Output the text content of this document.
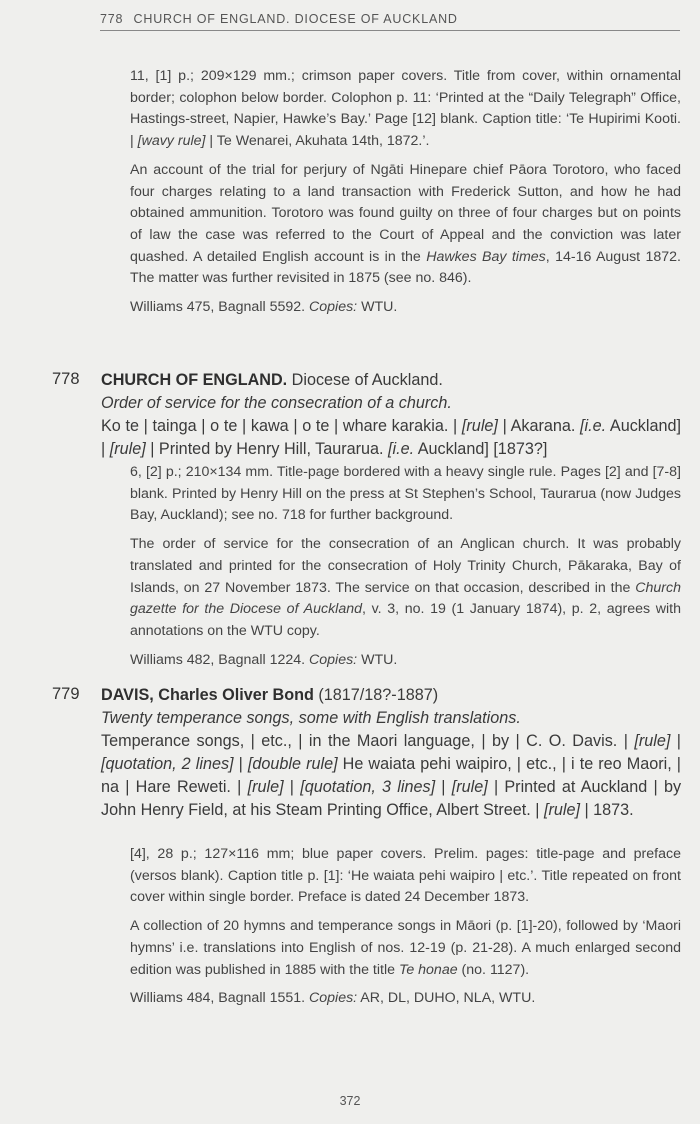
778 CHURCH OF ENGLAND. DIOCESE OF AUCKLAND

11, [1] p.; 209×129 mm.; crimson paper covers. Title from cover, within ornamental border; colophon below border. Colophon p. 11: ‘Printed at the “Daily Telegraph” Office, Hastings-street, Napier, Hawke’s Bay.’ Page [12] blank. Caption title: ‘Te Hupirimi Kooti. | [wavy rule] | Te Wenarei, Akuhata 14th, 1872.’.

An account of the trial for perjury of Ngāti Hinepare chief Pāora Torotoro, who faced four charges relating to a land transaction with Frederick Sutton, and how he had obtained ammunition. Torotoro was found guilty on three of four charges but on points of law the case was referred to the Court of Appeal and the conviction was later quashed. A detailed English account is in the Hawkes Bay times, 14-16 August 1872. The matter was further revisited in 1875 (see no. 846).

Williams 475, Bagnall 5592. Copies: WTU.

778 CHURCH OF ENGLAND. Diocese of Auckland.

Order of service for the consecration of a church.

Ko te | tainga | o te | kawa | o te | whare karakia. | [rule] | Akarana. [i.e. Auckland] | [rule] | Printed by Henry Hill, Taurarua. [i.e. Auckland] [1873?]

6, [2] p.; 210×134 mm. Title-page bordered with a heavy single rule. Pages [2] and [7-8] blank. Printed by Henry Hill on the press at St Stephen’s School, Taurarua (now Judges Bay, Auckland); see no. 718 for further background.

The order of service for the consecration of an Anglican church. It was probably translated and printed for the consecration of Holy Trinity Church, Pākaraka, Bay of Islands, on 27 November 1873. The service on that occasion, described in the Church gazette for the Diocese of Auckland, v. 3, no. 19 (1 January 1874), p. 2, agrees with annotations on the WTU copy.

Williams 482, Bagnall 1224. Copies: WTU.

779 DAVIS, Charles Oliver Bond (1817/18?-1887)

Twenty temperance songs, some with English translations.

Temperance songs, | etc., | in the Maori language, | by | C. O. Davis. | [rule] | [quotation, 2 lines] | [double rule] He waiata pehi waipiro, | etc., | i te reo Maori, | na | Hare Reweti. | [rule] | [quotation, 3 lines] | [rule] | Printed at Auckland | by John Henry Field, at his Steam Printing Office, Albert Street. | [rule] | 1873.

[4], 28 p.; 127×116 mm; blue paper covers. Prelim. pages: title-page and preface (versos blank). Caption title p. [1]: ‘He waiata pehi waipiro | etc.’. Title repeated on front cover within single border. Preface is dated 24 December 1873.

A collection of 20 hymns and temperance songs in Māori (p. [1]-20), followed by ‘Maori hymns’ i.e. translations into English of nos. 12-19 (p. 21-28). A much enlarged second edition was published in 1885 with the title Te honae (no. 1127).

Williams 484, Bagnall 1551. Copies: AR, DL, DUHO, NLA, WTU.

372
